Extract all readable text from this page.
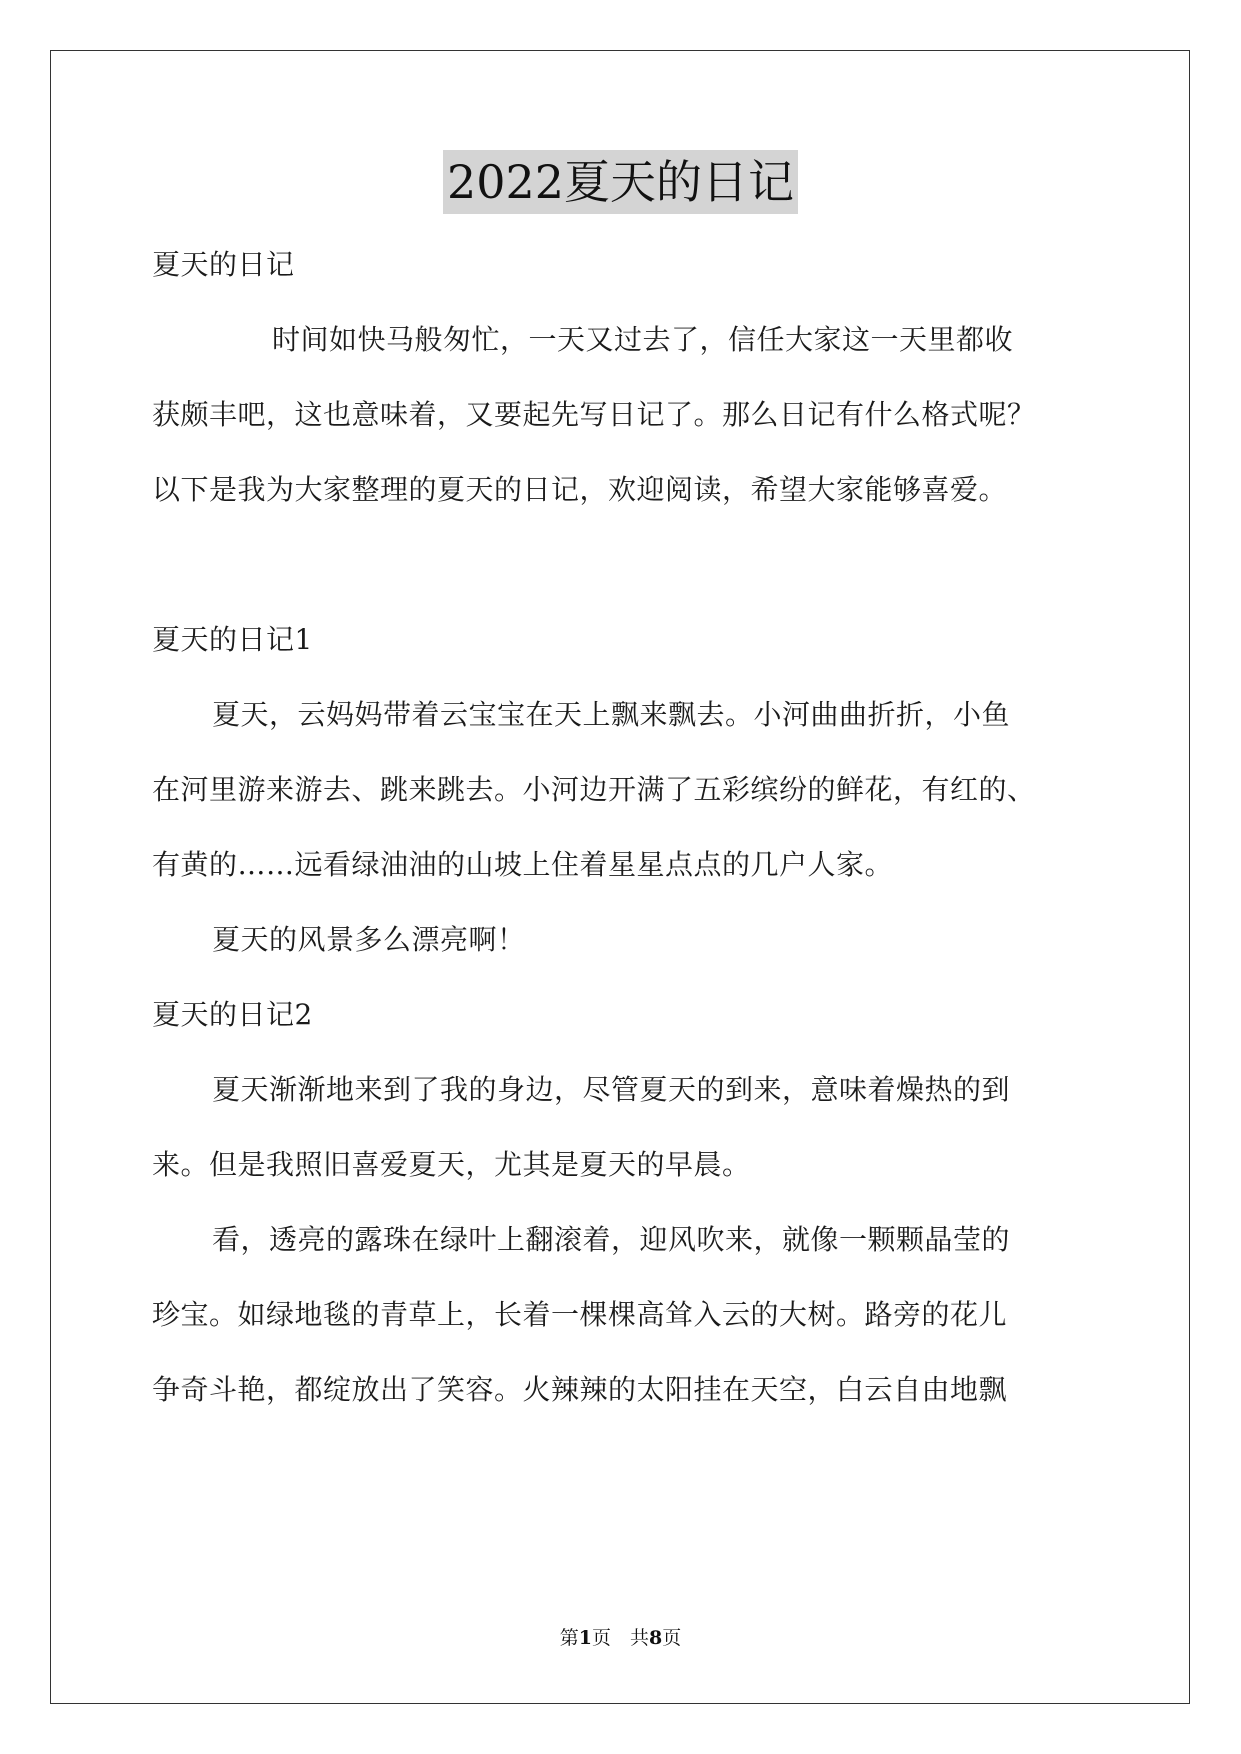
2022夏天的日记
夏天的日记
时间如快马般匆忙，一天又过去了，信任大家这一天里都收
获颇丰吧，这也意味着，又要起先写日记了。那么日记有什么格式呢？
以下是我为大家整理的夏天的日记，欢迎阅读，希望大家能够喜爱。
夏天的日记1
夏天，云妈妈带着云宝宝在天上飘来飘去。小河曲曲折折，小鱼
在河里游来游去、跳来跳去。小河边开满了五彩缤纷的鲜花，有红的、
有黄的……远看绿油油的山坡上住着星星点点的几户人家。
夏天的风景多么漂亮啊！
夏天的日记2
夏天渐渐地来到了我的身边，尽管夏天的到来，意味着燥热的到
来。但是我照旧喜爱夏天，尤其是夏天的早晨。
看，透亮的露珠在绿叶上翻滚着，迎风吹来，就像一颗颗晶莹的
珍宝。如绿地毯的青草上，长着一棵棵高耸入云的大树。路旁的花儿
争奇斗艳，都绽放出了笑容。火辣辣的太阳挂在天空，白云自由地飘
第1页　共8页
